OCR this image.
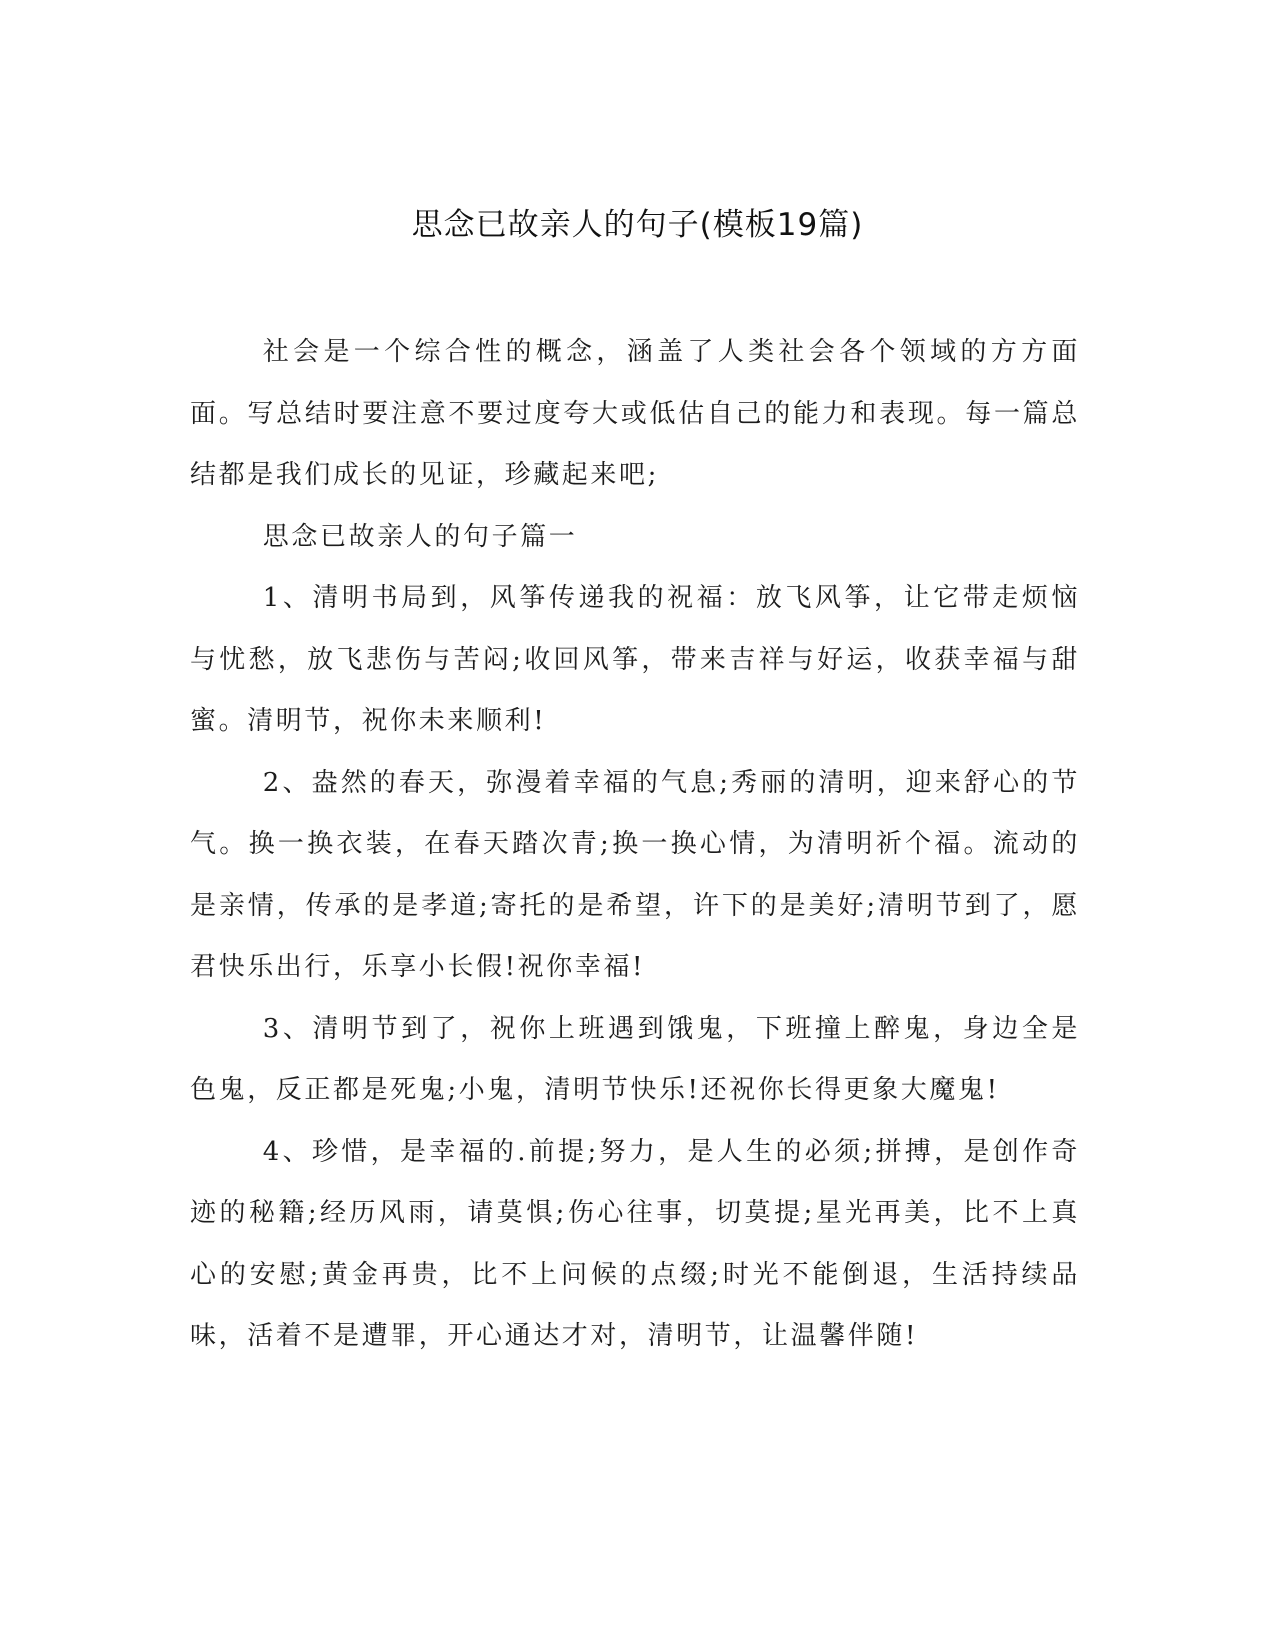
思念已故亲人的句子(模板19篇)

社会是一个综合性的概念，涵盖了人类社会各个领域的方方面面。写总结时要注意不要过度夸大或低估自己的能力和表现。每一篇总结都是我们成长的见证，珍藏起来吧;

思念已故亲人的句子篇一

1、清明书局到，风筝传递我的祝福：放飞风筝，让它带走烦恼与忧愁，放飞悲伤与苦闷;收回风筝，带来吉祥与好运，收获幸福与甜蜜。清明节，祝你未来顺利!

2、盎然的春天，弥漫着幸福的气息;秀丽的清明，迎来舒心的节气。换一换衣装，在春天踏次青;换一换心情，为清明祈个福。流动的是亲情，传承的是孝道;寄托的是希望，许下的是美好;清明节到了，愿君快乐出行，乐享小长假!祝你幸福!

3、清明节到了，祝你上班遇到饿鬼，下班撞上醉鬼，身边全是色鬼，反正都是死鬼;小鬼，清明节快乐!还祝你长得更象大魔鬼!

4、珍惜，是幸福的.前提;努力，是人生的必须;拼搏，是创作奇迹的秘籍;经历风雨，请莫惧;伤心往事，切莫提;星光再美，比不上真心的安慰;黄金再贵，比不上问候的点缀;时光不能倒退，生活持续品味，活着不是遭罪，开心通达才对，清明节，让温馨伴随!
